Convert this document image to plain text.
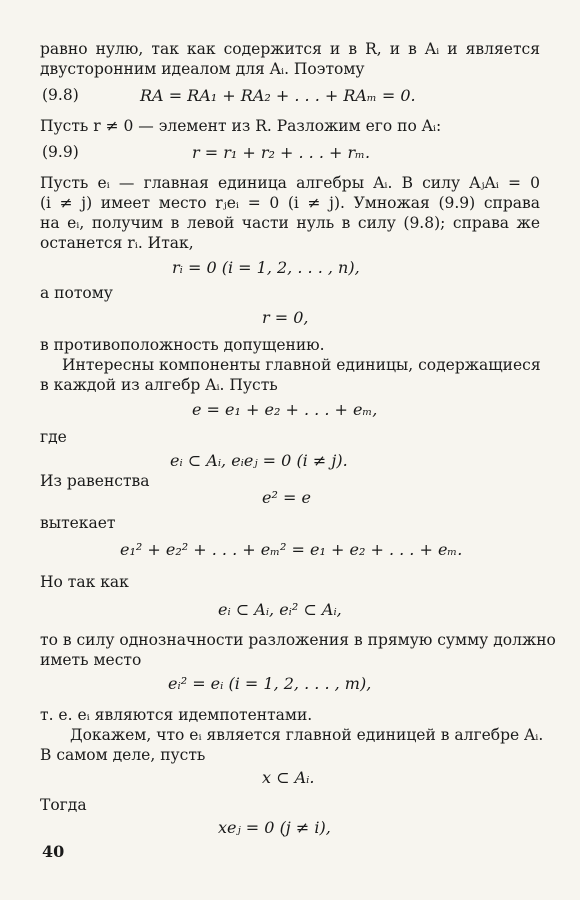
равно нулю, так как содержится и в R, и в Aᵢ и является
двусторонним идеалом для Aᵢ. Поэтому
(9.8)	RA = RA₁ + RA₂ + . . . + RAₘ = 0.
Пусть r ≠ 0 — элемент из R. Разложим его по Aᵢ:
(9.9)	r = r₁ + r₂ + . . . + rₘ.
Пусть eᵢ — главная единица алгебры Aᵢ. В силу AⱼAᵢ = 0
(i ≠ j) имеет место rⱼeᵢ = 0 (i ≠ j). Умножая (9.9) справа
на eᵢ, получим в левой части нуль в силу (9.8); справа же
останется rᵢ. Итак,
rᵢ = 0 (i = 1, 2, . . . , n),
а потому
r = 0,
в противоположность допущению.
Интересны компоненты главной единицы, содержащиеся
в каждой из алгебр Aᵢ. Пусть
e = e₁ + e₂ + . . . + eₘ,
где
eᵢ ⊂ Aᵢ, eᵢeⱼ = 0 (i ≠ j).
Из равенства
e² = e
вытекает
e₁² + e₂² + . . . + eₘ² = e₁ + e₂ + . . . + eₘ.
Но так как
eᵢ ⊂ Aᵢ, eᵢ² ⊂ Aᵢ,
то в силу однозначности разложения в прямую сумму должно
иметь место
eᵢ² = eᵢ (i = 1, 2, . . . , m),
т. е. eᵢ являются идемпотентами.
Докажем, что eᵢ является главной единицей в алгебре Aᵢ.
В самом деле, пусть
x ⊂ Aᵢ.
Тогда
xeⱼ = 0 (j ≠ i),
40
